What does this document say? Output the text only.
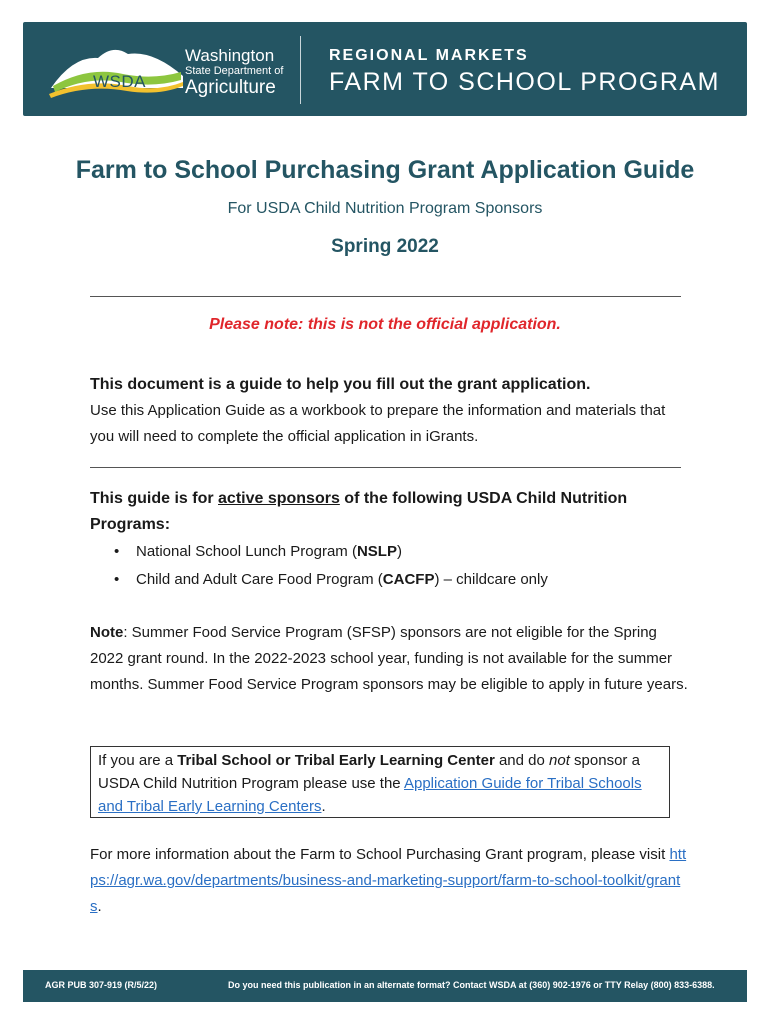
WSDA
Washington
State Department of
Agriculture
REGIONAL MARKETS
FARM TO SCHOOL PROGRAM
Farm to School Purchasing Grant Application Guide
For USDA Child Nutrition Program Sponsors
Spring 2022
Please note: this is not the official application.
This document is a guide to help you fill out the grant application.
Use this Application Guide as a workbook to prepare the information and materials that you will need to complete the official application in iGrants.
This guide is for active sponsors of the following USDA Child Nutrition Programs:
• National School Lunch Program (NSLP)
• Child and Adult Care Food Program (CACFP) – childcare only
Note: Summer Food Service Program (SFSP) sponsors are not eligible for the Spring 2022 grant round. In the 2022-2023 school year, funding is not available for the summer months. Summer Food Service Program sponsors may be eligible to apply in future years.
If you are a Tribal School or Tribal Early Learning Center and do not sponsor a USDA Child Nutrition Program please use the Application Guide for Tribal Schools and Tribal Early Learning Centers.
For more information about the Farm to School Purchasing Grant program, please visit https://agr.wa.gov/departments/business-and-marketing-support/farm-to-school-toolkit/grants.
AGR PUB 307-919 (R/5/22)	Do you need this publication in an alternate format? Contact WSDA at (360) 902-1976 or TTY Relay (800) 833-6388.
